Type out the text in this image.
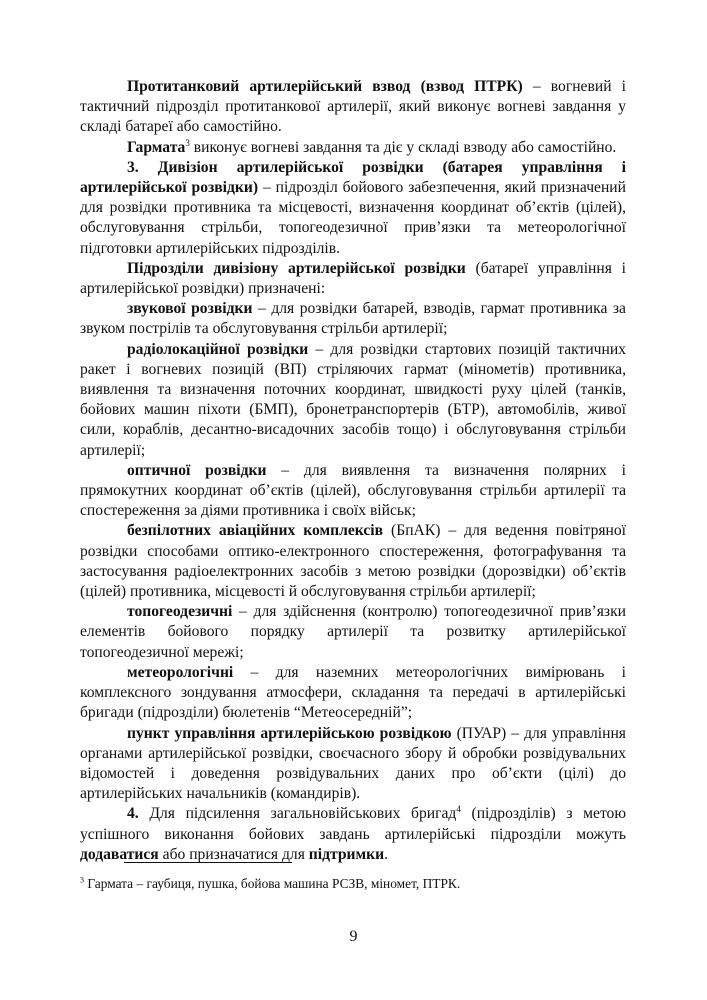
Протитанковий артилерійський взвод (взвод ПТРК) – вогневий і тактичний підрозділ протитанкової артилерії, який виконує вогневі завдання у складі батареї або самостійно.

Гармата$^3$ виконує вогневі завдання та діє у складі взводу або самостійно.

3. Дивізіон артилерійської розвідки (батарея управління і артилерійської розвідки) – підрозділ бойового забезпечення, який призначений для розвідки противника та місцевості, визначення координат об’єктів (цілей), обслуговування стрільби, топогеодезичної прив’язки та метеорологічної підготовки артилерійських підрозділів.

Підрозділи дивізіону артилерійської розвідки (батареї управління і артилерійської розвідки) призначені:

звукової розвідки – для розвідки батарей, взводів, гармат противника за звуком пострілів та обслуговування стрільби артилерії;

радіолокаційної розвідки – для розвідки стартових позицій тактичних ракет і вогневих позицій (ВП) стріляючих гармат (мінометів) противника, виявлення та визначення поточних координат, швидкості руху цілей (танків, бойових машин піхоти (БМП), бронетранспортерів (БТР), автомобілів, живої сили, кораблів, десантно-висадочних засобів тощо) і обслуговування стрільби артилерії;

оптичної розвідки – для виявлення та визначення полярних і прямокутних координат об’єктів (цілей), обслуговування стрільби артилерії та спостереження за діями противника і своїх військ;

безпілотних авіаційних комплексів (БпАК) – для ведення повітряної розвідки способами оптико-електронного спостереження, фотографування та застосування радіоелектронних засобів з метою розвідки (дорозвідки) об’єктів (цілей) противника, місцевості й обслуговування стрільби артилерії;

топогеодезичні – для здійснення (контролю) топогеодезичної прив’язки елементів бойового порядку артилерії та розвитку артилерійської топогеодезичної мережі;

метеорологічні – для наземних метеорологічних вимірювань і комплексного зондування атмосфери, складання та передачі в артилерійські бригади (підрозділи) бюлетенів “Метеосередній”;

пункт управління артилерійською розвідкою (ПУАР) – для управління органами артилерійської розвідки, своєчасного збору й обробки розвідувальних відомостей і доведення розвідувальних даних про об’єкти (цілі) до артилерійських начальників (командирів).

4. Для підсилення загальновійськових бригад$^4$ (підрозділів) з метою успішного виконання бойових завдань артилерійські підрозділи можуть додаватися або призначатися для підтримки.

$^3$ Гармата – гаубиця, пушка, бойова машина РСЗВ, міномет, ПТРК.
9
